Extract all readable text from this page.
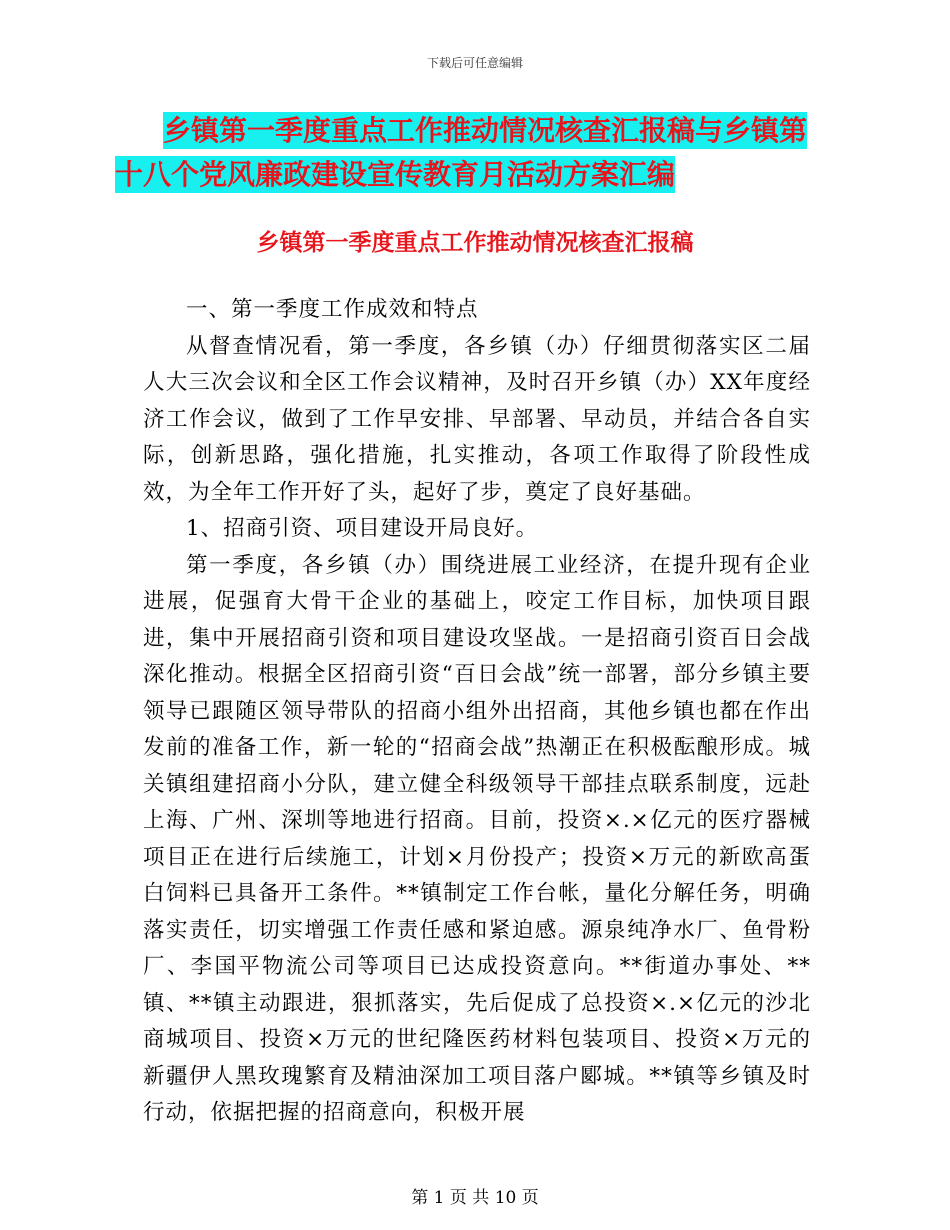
下载后可任意编辑
乡镇第一季度重点工作推动情况核查汇报稿与乡镇第
十八个党风廉政建设宣传教育月活动方案汇编
乡镇第一季度重点工作推动情况核查汇报稿

一、第一季度工作成效和特点

从督查情况看，第一季度，各乡镇（办）仔细贯彻落实区二届人大三次会议和全区工作会议精神，及时召开乡镇（办）XX年度经济工作会议，做到了工作早安排、早部署、早动员，并结合各自实际，创新思路，强化措施，扎实推动，各项工作取得了阶段性成效，为全年工作开好了头，起好了步，奠定了良好基础。

1、招商引资、项目建设开局良好。

第一季度，各乡镇（办）围绕进展工业经济，在提升现有企业进展，促强育大骨干企业的基础上，咬定工作目标，加快项目跟进，集中开展招商引资和项目建设攻坚战。一是招商引资百日会战深化推动。根据全区招商引资“百日会战”统一部署，部分乡镇主要领导已跟随区领导带队的招商小组外出招商，其他乡镇也都在作出发前的准备工作，新一轮的“招商会战”热潮正在积极酝酿形成。城关镇组建招商小分队，建立健全科级领导干部挂点联系制度，远赴上海、广州、深圳等地进行招商。目前，投资×.×亿元的医疗器械项目正在进行后续施工，计划×月份投产；投资×万元的新欧高蛋白饲料已具备开工条件。**镇制定工作台帐，量化分解任务，明确落实责任，切实增强工作责任感和紧迫感。源泉纯净水厂、鱼骨粉厂、李国平物流公司等项目已达成投资意向。**街道办事处、**镇、**镇主动跟进，狠抓落实，先后促成了总投资×.×亿元的沙北商城项目、投资×万元的世纪隆医药材料包装项目、投资×万元的新疆伊人黑玫瑰繁育及精油深加工项目落户郾城。**镇等乡镇及时行动，依据把握的招商意向，积极开展

第 1 页 共 10 页
